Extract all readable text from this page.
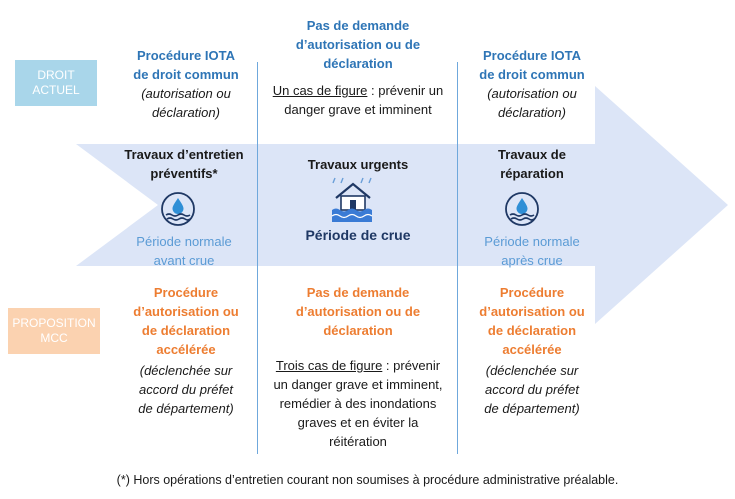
DROIT
ACTUEL
PROPOSITION
MCC
Procédure IOTA
de droit commun
(autorisation ou
déclaration)
Pas de demande
d’autorisation ou de
déclaration
Un cas de figure : prévenir un
danger grave et imminent
Procédure IOTA
de droit commun
(autorisation ou
déclaration)
Travaux d’entretien
préventifs*
Période normale
avant crue
Travaux urgents
Période de crue
Travaux de
réparation
Période normale
après crue
Procédure
d’autorisation ou
de déclaration
accélérée
(déclenchée sur
accord du préfet
de département)
Pas de demande
d’autorisation ou de
déclaration
Trois cas de figure : prévenir
un danger grave et imminent,
remédier à des inondations
graves et en éviter la
réitération
Procédure
d’autorisation ou
de déclaration
accélérée
(déclenchée sur
accord du préfet
de département)
(*) Hors opérations d’entretien courant non soumises à procédure administrative préalable.
